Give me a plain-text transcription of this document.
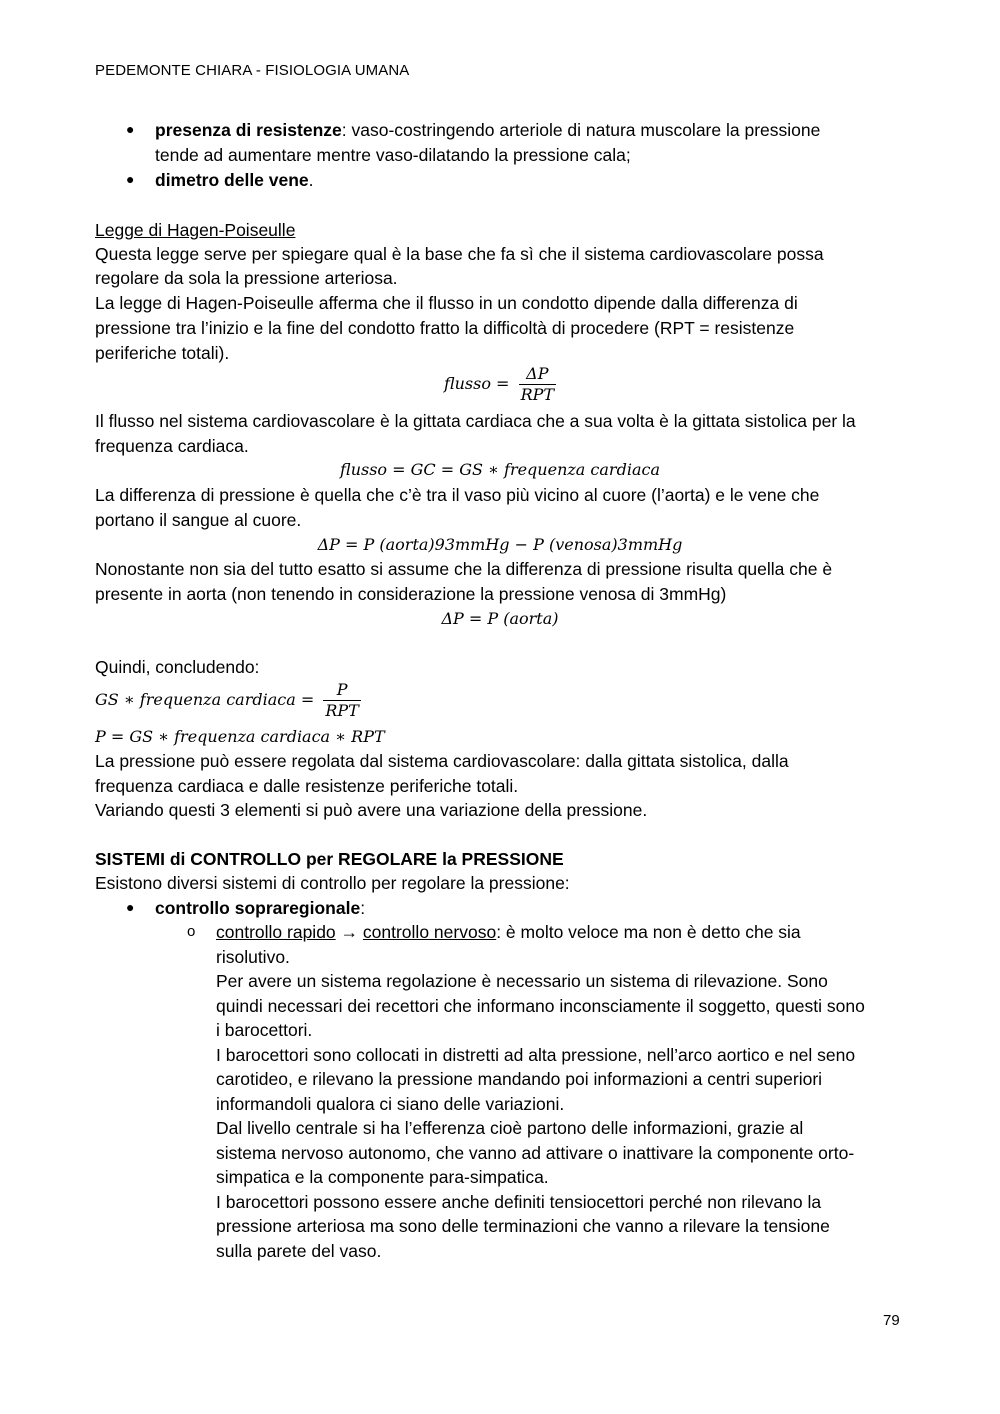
PEDEMONTE CHIARA - FISIOLOGIA UMANA
● presenza di resistenze: vaso-costringendo arteriole di natura muscolare la pressione
tende ad aumentare mentre vaso-dilatando la pressione cala;
● dimetro delle vene.
Legge di Hagen-Poiseulle
Questa legge serve per spiegare qual è la base che fa sì che il sistema cardiovascolare possa
regolare da sola la pressione arteriosa.
La legge di Hagen-Poiseulle afferma che il flusso in un condotto dipende dalla differenza di
pressione tra l’inizio e la fine del condotto fratto la difficoltà di procedere (RPT = resistenze
periferiche totali).
flusso = $\frac{\Delta P}{\text{RPT}}$
Il flusso nel sistema cardiovascolare è la gittata cardiaca che a sua volta è la gittata sistolica per la
frequenza cardiaca.
flusso = GC = GS ∗ frequenza cardiaca
La differenza di pressione è quella che c’è tra il vaso più vicino al cuore (l’aorta) e le vene che
portano il sangue al cuore.
ΔP = P (aorta)93mmHg − P (venosa)3mmHg
Nonostante non sia del tutto esatto si assume che la differenza di pressione risulta quella che è
presente in aorta (non tenendo in considerazione la pressione venosa di 3mmHg)
ΔP = P (aorta)
Quindi, concludendo:
GS ∗ frequenza cardiaca = $\frac{P}{\text{RPT}}$
P = GS ∗ frequenza cardiaca ∗ RPT
La pressione può essere regolata dal sistema cardiovascolare: dalla gittata sistolica, dalla
frequenza cardiaca e dalle resistenze periferiche totali.
Variando questi 3 elementi si può avere una variazione della pressione.
SISTEMI di CONTROLLO per REGOLARE la PRESSIONE
Esistono diversi sistemi di controllo per regolare la pressione:
● controllo sopraregionale:
o controllo rapido → controllo nervoso: è molto veloce ma non è detto che sia
risolutivo.
Per avere un sistema regolazione è necessario un sistema di rilevazione. Sono
quindi necessari dei recettori che informano inconsciamente il soggetto, questi sono
i barocettori.
I barocettori sono collocati in distretti ad alta pressione, nell’arco aortico e nel seno
carotideo, e rilevano la pressione mandando poi informazioni a centri superiori
informandoli qualora ci siano delle variazioni.
Dal livello centrale si ha l’efferenza cioè partono delle informazioni, grazie al
sistema nervoso autonomo, che vanno ad attivare o inattivare la componente orto-
simpatica e la componente para-simpatica.
I barocettori possono essere anche definiti tensiocettori perché non rilevano la
pressione arteriosa ma sono delle terminazioni che vanno a rilevare la tensione
sulla parete del vaso.
79
